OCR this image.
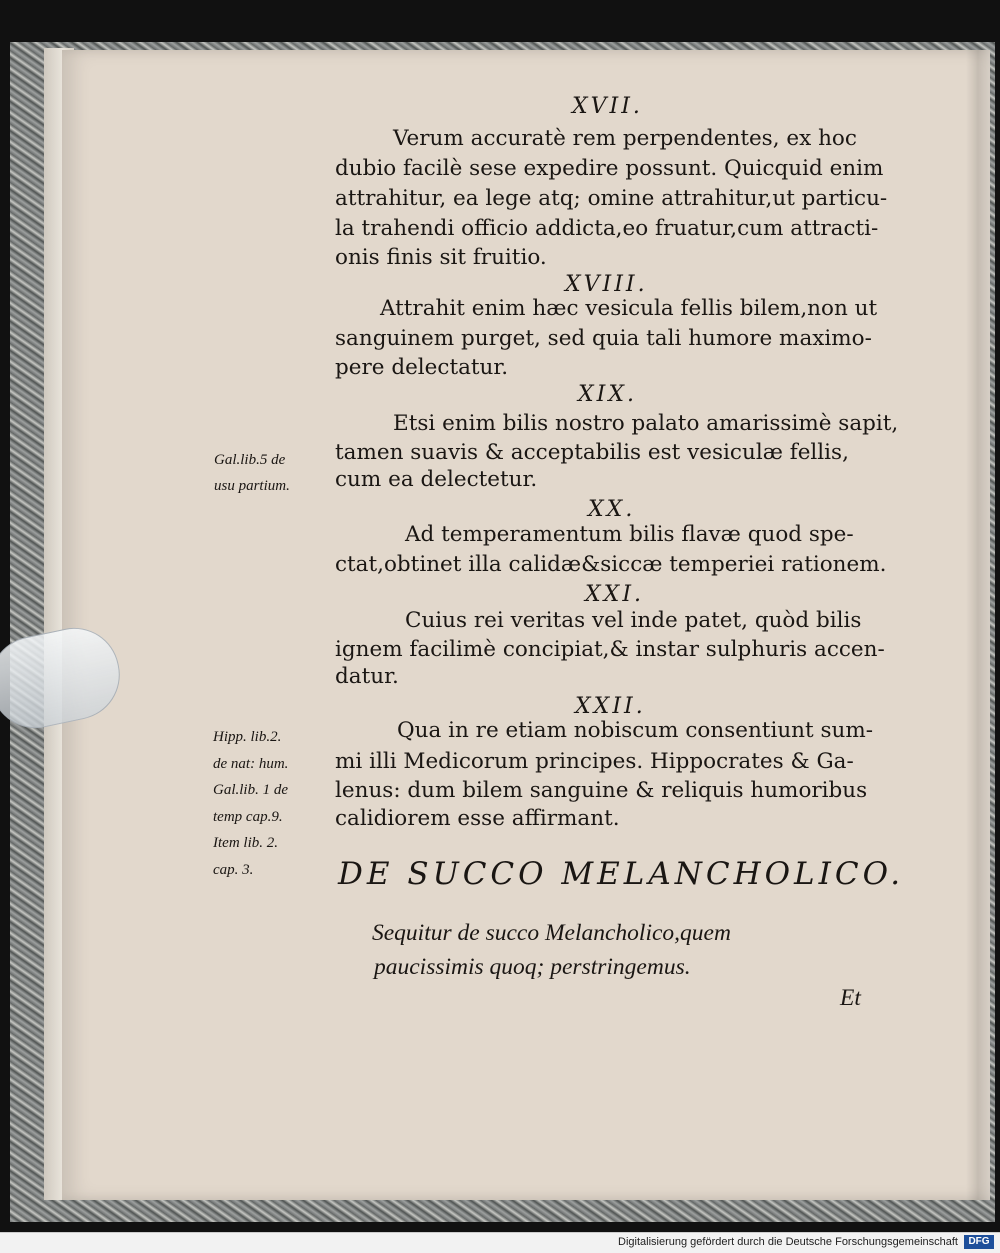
XVII.
Verum accuratè rem perpendentes, ex hoc
dubio facilè sese expedire possunt. Quicquid enim
attrahitur, ea lege atq; omine attrahitur,ut particu-
la trahendi officio addicta,eo fruatur,cum attracti-
onis finis sit fruitio.
XVIII.
Attrahit enim hæc vesicula fellis bilem,non ut
sanguinem purget, sed quia tali humore maximo-
pere delectatur.
XIX.
Etsi enim bilis nostro palato amarissimè sapit,
tamen suavis & acceptabilis est vesiculæ fellis,
cum ea delectetur.
Gal.lib.5 de
usu partium.
XX.
Ad temperamentum bilis flavæ quod spe-
ctat,obtinet illa calidæ&siccæ temperiei rationem.
XXI.
Cuius rei veritas vel inde patet, quòd bilis
ignem facilimè concipiat,& instar sulphuris accen-
datur.
XXII.
Qua in re etiam nobiscum consentiunt sum-
mi illi Medicorum principes. Hippocrates & Ga-
lenus: dum bilem sanguine & reliquis humoribus
calidiorem esse affirmant.
Hipp. lib.2.
de nat: hum.
Gal.lib. 1 de
temp cap.9.
Item lib. 2.
cap. 3.	DE SUCCO MELANCHOLICO.
Sequitur de succo Melancholico,quem
paucissimis quoq; perstringemus.
Et
Digitalisierung gefördert durch die Deutsche Forschungsgemeinschaft	DFG
